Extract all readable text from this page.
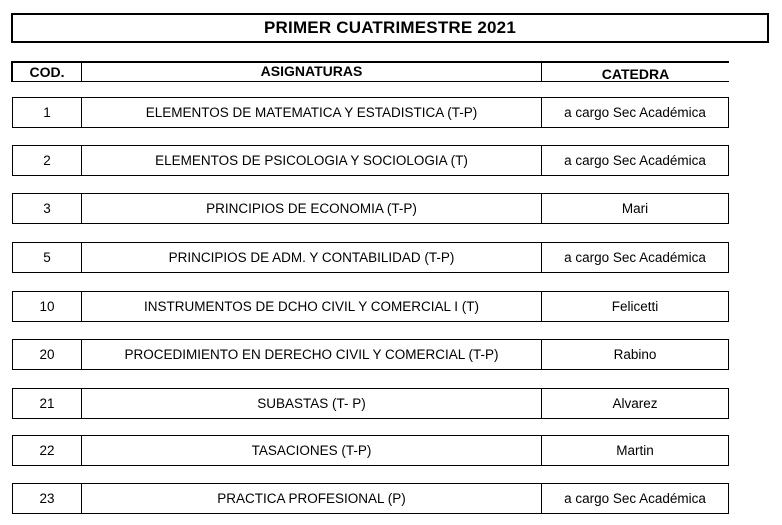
PRIMER CUATRIMESTRE 2021
COD.	ASIGNATURAS	CATEDRA
1	ELEMENTOS DE MATEMATICA Y ESTADISTICA (T-P)	a cargo Sec Académica
2	ELEMENTOS DE PSICOLOGIA Y SOCIOLOGIA (T)	a cargo Sec Académica
3	PRINCIPIOS DE ECONOMIA (T-P)	Mari
5	PRINCIPIOS DE ADM. Y CONTABILIDAD (T-P)	a cargo Sec Académica
10	INSTRUMENTOS DE DCHO CIVIL Y COMERCIAL I (T)	Felicetti
20	PROCEDIMIENTO EN DERECHO CIVIL Y COMERCIAL (T-P)	Rabino
21	SUBASTAS (T- P)	Alvarez
22	TASACIONES (T-P)	Martin
23	PRACTICA PROFESIONAL (P)	a cargo Sec Académica
